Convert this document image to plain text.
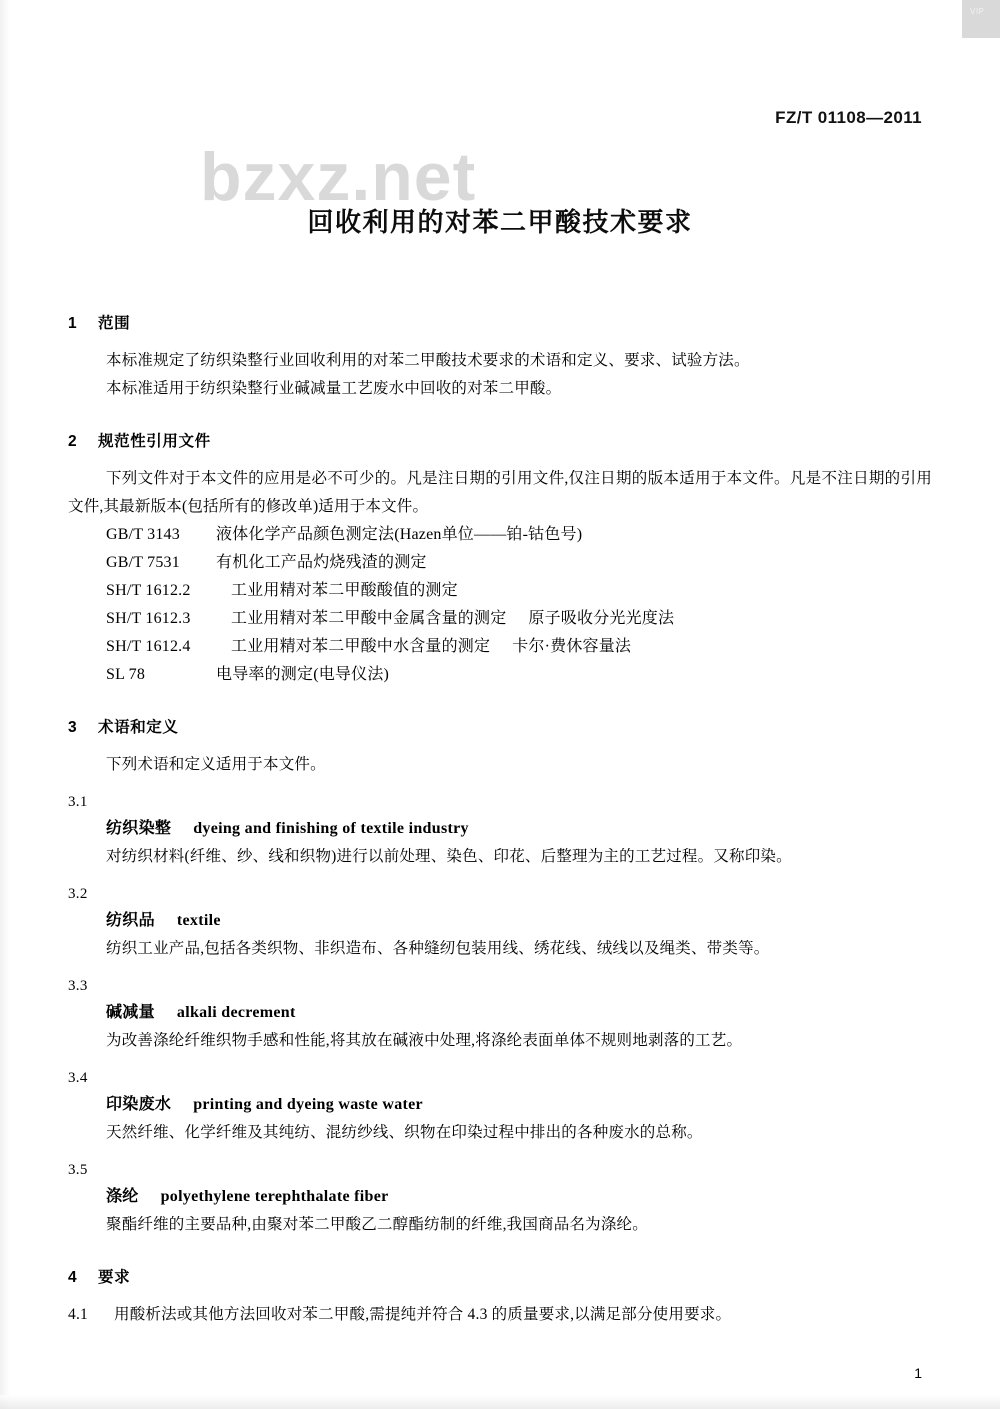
VIP
FZ/T 01108—2011
bzxz.net
回收利用的对苯二甲酸技术要求
1 范围
本标准规定了纺织染整行业回收利用的对苯二甲酸技术要求的术语和定义、要求、试验方法。
本标准适用于纺织染整行业碱减量工艺废水中回收的对苯二甲酸。
2 规范性引用文件
下列文件对于本文件的应用是必不可少的。凡是注日期的引用文件,仅注日期的版本适用于本文件。凡是不注日期的引用文件,其最新版本(包括所有的修改单)适用于本文件。
GB/T 3143 液体化学产品颜色测定法(Hazen单位——铂-钴色号)
GB/T 7531 有机化工产品灼烧残渣的测定
SH/T 1612.2	工业用精对苯二甲酸酸值的测定
SH/T 1612.3	工业用精对苯二甲酸中金属含量的测定 原子吸收分光光度法
SH/T 1612.4	工业用精对苯二甲酸中水含量的测定 卡尔·费休容量法
SL 78	电导率的测定(电导仪法)
3 术语和定义
下列术语和定义适用于本文件。
3.1
纺织染整 dyeing and finishing of textile industry
对纺织材料(纤维、纱、线和织物)进行以前处理、染色、印花、后整理为主的工艺过程。又称印染。
3.2
纺织品 textile
纺织工业产品,包括各类织物、非织造布、各种缝纫包装用线、绣花线、绒线以及绳类、带类等。
3.3
碱减量 alkali decrement
为改善涤纶纤维织物手感和性能,将其放在碱液中处理,将涤纶表面单体不规则地剥落的工艺。
3.4
印染废水 printing and dyeing waste water
天然纤维、化学纤维及其纯纺、混纺纱线、织物在印染过程中排出的各种废水的总称。
3.5
涤纶 polyethylene terephthalate fiber
聚酯纤维的主要品种,由聚对苯二甲酸乙二醇酯纺制的纤维,我国商品名为涤纶。
4 要求
4.1 用酸析法或其他方法回收对苯二甲酸,需提纯并符合 4.3 的质量要求,以满足部分使用要求。
1
